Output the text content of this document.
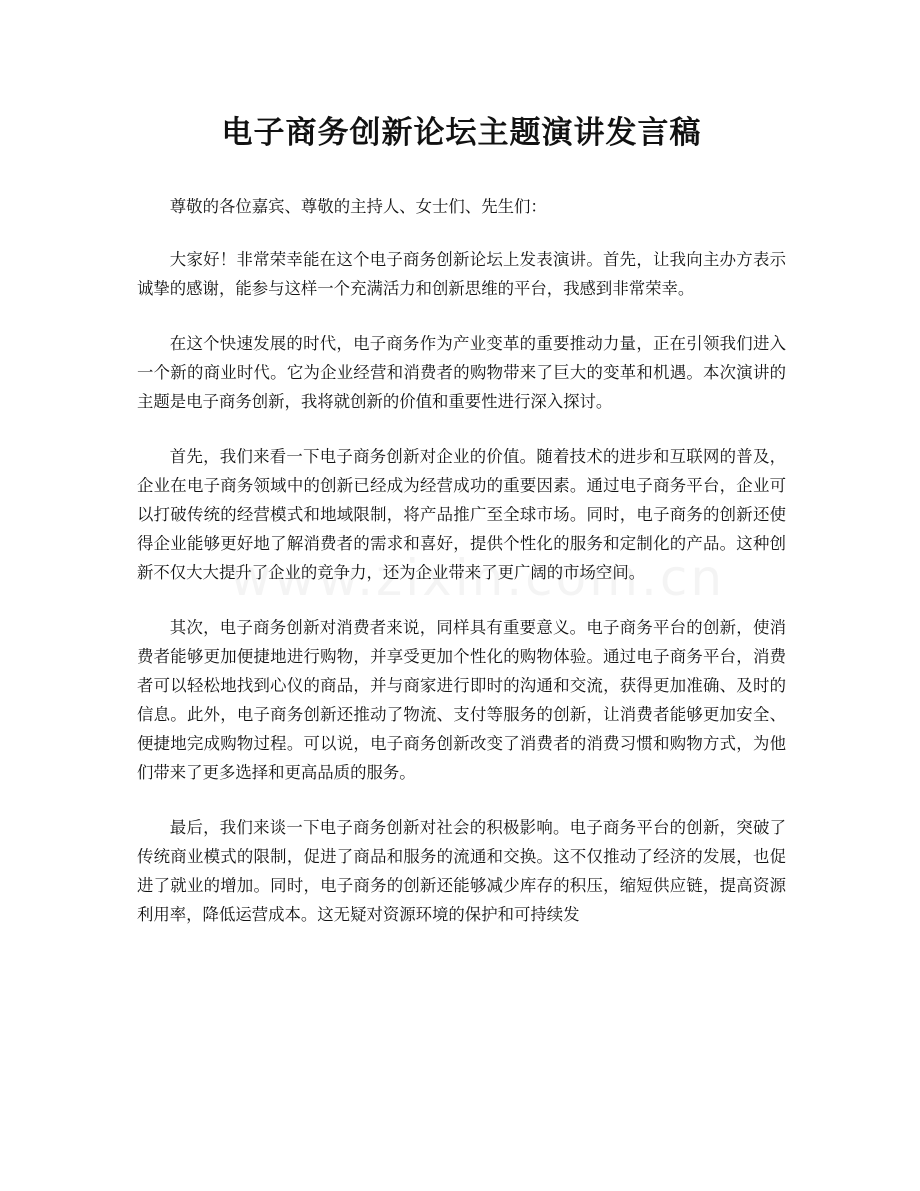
电子商务创新论坛主题演讲发言稿

尊敬的各位嘉宾、尊敬的主持人、女士们、先生们：

大家好！非常荣幸能在这个电子商务创新论坛上发表演讲。首先，让我向主办方表示诚挚的感谢，能参与这样一个充满活力和创新思维的平台，我感到非常荣幸。

在这个快速发展的时代，电子商务作为产业变革的重要推动力量，正在引领我们进入一个新的商业时代。它为企业经营和消费者的购物带来了巨大的变革和机遇。本次演讲的主题是电子商务创新，我将就创新的价值和重要性进行深入探讨。

首先，我们来看一下电子商务创新对企业的价值。随着技术的进步和互联网的普及，企业在电子商务领域中的创新已经成为经营成功的重要因素。通过电子商务平台，企业可以打破传统的经营模式和地域限制，将产品推广至全球市场。同时，电子商务的创新还使得企业能够更好地了解消费者的需求和喜好，提供个性化的服务和定制化的产品。这种创新不仅大大提升了企业的竞争力，还为企业带来了更广阔的市场空间。

其次，电子商务创新对消费者来说，同样具有重要意义。电子商务平台的创新，使消费者能够更加便捷地进行购物，并享受更加个性化的购物体验。通过电子商务平台，消费者可以轻松地找到心仪的商品，并与商家进行即时的沟通和交流，获得更加准确、及时的信息。此外，电子商务创新还推动了物流、支付等服务的创新，让消费者能够更加安全、便捷地完成购物过程。可以说，电子商务创新改变了消费者的消费习惯和购物方式，为他们带来了更多选择和更高品质的服务。

最后，我们来谈一下电子商务创新对社会的积极影响。电子商务平台的创新，突破了传统商业模式的限制，促进了商品和服务的流通和交换。这不仅推动了经济的发展，也促进了就业的增加。同时，电子商务的创新还能够减少库存的积压，缩短供应链，提高资源利用率，降低运营成本。这无疑对资源环境的保护和可持续发
